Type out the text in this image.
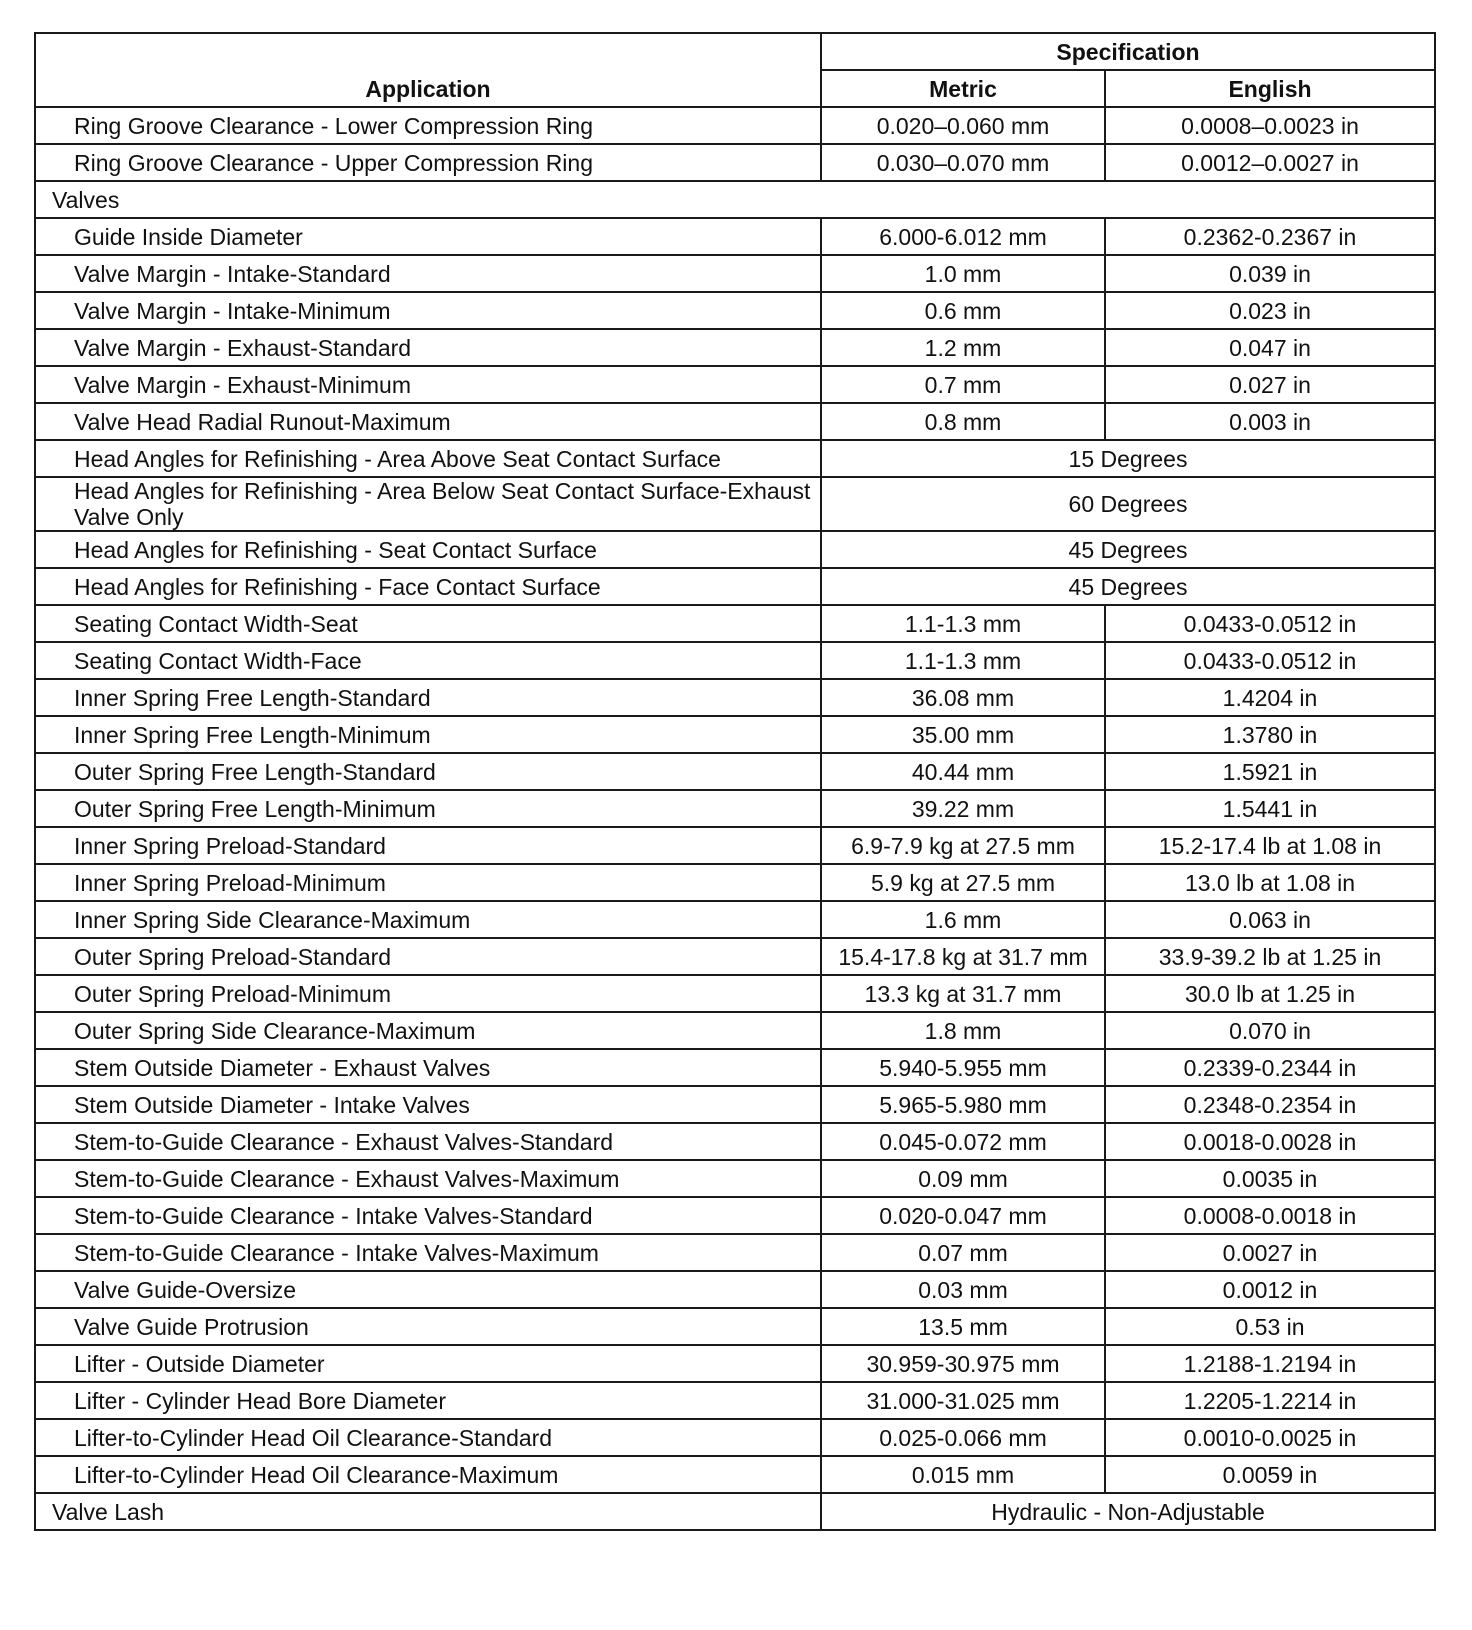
Application	Specification	
	Metric	English
Ring Groove Clearance - Lower Compression Ring	0.020–0.060 mm	0.0008–0.0023 in
Ring Groove Clearance - Upper Compression Ring	0.030–0.070 mm	0.0012–0.0027 in
Valves		
Guide Inside Diameter	6.000-6.012 mm	0.2362-0.2367 in
Valve Margin - Intake-Standard	1.0 mm	0.039 in
Valve Margin - Intake-Minimum	0.6 mm	0.023 in
Valve Margin - Exhaust-Standard	1.2 mm	0.047 in
Valve Margin - Exhaust-Minimum	0.7 mm	0.027 in
Valve Head Radial Runout-Maximum	0.8 mm	0.003 in
Head Angles for Refinishing - Area Above Seat Contact Surface	15 Degrees	
Head Angles for Refinishing - Area Below Seat Contact Surface-Exhaust Valve Only	60 Degrees	
Head Angles for Refinishing - Seat Contact Surface	45 Degrees	
Head Angles for Refinishing - Face Contact Surface	45 Degrees	
Seating Contact Width-Seat	1.1-1.3 mm	0.0433-0.0512 in
Seating Contact Width-Face	1.1-1.3 mm	0.0433-0.0512 in
Inner Spring Free Length-Standard	36.08 mm	1.4204 in
Inner Spring Free Length-Minimum	35.00 mm	1.3780 in
Outer Spring Free Length-Standard	40.44 mm	1.5921 in
Outer Spring Free Length-Minimum	39.22 mm	1.5441 in
Inner Spring Preload-Standard	6.9-7.9 kg at 27.5 mm	15.2-17.4 lb at 1.08 in
Inner Spring Preload-Minimum	5.9 kg at 27.5 mm	13.0 lb at 1.08 in
Inner Spring Side Clearance-Maximum	1.6 mm	0.063 in
Outer Spring Preload-Standard	15.4-17.8 kg at 31.7 mm	33.9-39.2 lb at 1.25 in
Outer Spring Preload-Minimum	13.3 kg at 31.7 mm	30.0 lb at 1.25 in
Outer Spring Side Clearance-Maximum	1.8 mm	0.070 in
Stem Outside Diameter - Exhaust Valves	5.940-5.955 mm	0.2339-0.2344 in
Stem Outside Diameter - Intake Valves	5.965-5.980 mm	0.2348-0.2354 in
Stem-to-Guide Clearance - Exhaust Valves-Standard	0.045-0.072 mm	0.0018-0.0028 in
Stem-to-Guide Clearance - Exhaust Valves-Maximum	0.09 mm	0.0035 in
Stem-to-Guide Clearance - Intake Valves-Standard	0.020-0.047 mm	0.0008-0.0018 in
Stem-to-Guide Clearance - Intake Valves-Maximum	0.07 mm	0.0027 in
Valve Guide-Oversize	0.03 mm	0.0012 in
Valve Guide Protrusion	13.5 mm	0.53 in
Lifter - Outside Diameter	30.959-30.975 mm	1.2188-1.2194 in
Lifter - Cylinder Head Bore Diameter	31.000-31.025 mm	1.2205-1.2214 in
Lifter-to-Cylinder Head Oil Clearance-Standard	0.025-0.066 mm	0.0010-0.0025 in
Lifter-to-Cylinder Head Oil Clearance-Maximum	0.015 mm	0.0059 in
Valve Lash	Hydraulic - Non-Adjustable	
